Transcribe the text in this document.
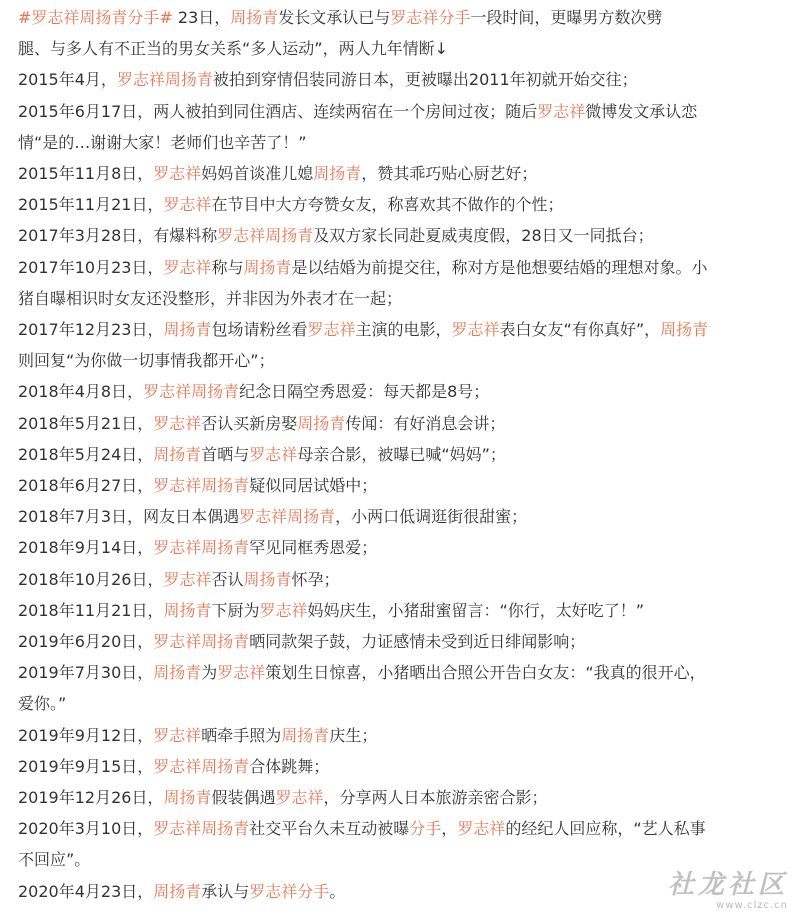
#罗志祥周扬青分手# 23日，周扬青发长文承认已与罗志祥分手一段时间，更曝男方数次劈
腿、与多人有不正当的男女关系“多人运动”，两人九年情断↓
2015年4月，罗志祥周扬青被拍到穿情侣装同游日本，更被曝出2011年初就开始交往；
2015年6月17日，两人被拍到同住酒店、连续两宿在一个房间过夜；随后罗志祥微博发文承认恋
情“是的…谢谢大家！老师们也辛苦了！”
2015年11月8日，罗志祥妈妈首谈准儿媳周扬青，赞其乖巧贴心厨艺好；
2015年11月21日，罗志祥在节目中大方夸赞女友，称喜欢其不做作的个性；
2017年3月28日，有爆料称罗志祥周扬青及双方家长同赴夏威夷度假，28日又一同抵台；
2017年10月23日，罗志祥称与周扬青是以结婚为前提交往，称对方是他想要结婚的理想对象。小
猪自曝相识时女友还没整形，并非因为外表才在一起；
2017年12月23日，周扬青包场请粉丝看罗志祥主演的电影，罗志祥表白女友“有你真好”，周扬青
则回复“为你做一切事情我都开心”；
2018年4月8日，罗志祥周扬青纪念日隔空秀恩爱：每天都是8号；
2018年5月21日，罗志祥否认买新房娶周扬青传闻：有好消息会讲；
2018年5月24日，周扬青首晒与罗志祥母亲合影，被曝已喊“妈妈”；
2018年6月27日，罗志祥周扬青疑似同居试婚中；
2018年7月3日，网友日本偶遇罗志祥周扬青，小两口低调逛街很甜蜜；
2018年9月14日，罗志祥周扬青罕见同框秀恩爱；
2018年10月26日，罗志祥否认周扬青怀孕；
2018年11月21日，周扬青下厨为罗志祥妈妈庆生，小猪甜蜜留言：“你行，太好吃了！”
2019年6月20日，罗志祥周扬青晒同款架子鼓，力证感情未受到近日绯闻影响；
2019年7月30日，周扬青为罗志祥策划生日惊喜，小猪晒出合照公开告白女友：“我真的很开心，
爱你。”
2019年9月12日，罗志祥晒牵手照为周扬青庆生；
2019年9月15日，罗志祥周扬青合体跳舞；
2019年12月26日，周扬青假装偶遇罗志祥，分享两人日本旅游亲密合影；
2020年3月10日，罗志祥周扬青社交平台久未互动被曝分手，罗志祥的经纪人回应称，“艺人私事
不回应”。
2020年4月23日，周扬青承认与罗志祥分手。	社龙社区
www.clzc.cn
